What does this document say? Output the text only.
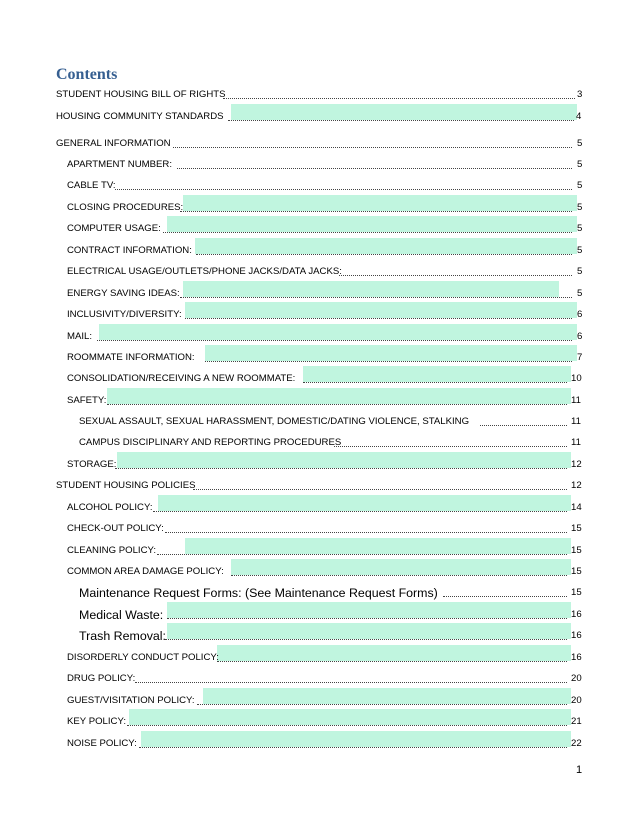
Contents
STUDENT HOUSING BILL OF RIGHTS	3
HOUSING COMMUNITY STANDARDS	4
GENERAL INFORMATION	5
APARTMENT NUMBER:	5
CABLE TV:	5
CLOSING PROCEDURES:	5
COMPUTER USAGE:	5
CONTRACT INFORMATION:	5
ELECTRICAL USAGE/OUTLETS/PHONE JACKS/DATA JACKS:	5
ENERGY SAVING IDEAS:	5
INCLUSIVITY/DIVERSITY:	6
MAIL:	6
ROOMMATE INFORMATION:	7
CONSOLIDATION/RECEIVING A NEW ROOMMATE:	10
SAFETY:	11
SEXUAL ASSAULT, SEXUAL HARASSMENT, DOMESTIC/DATING VIOLENCE, STALKING	11
CAMPUS DISCIPLINARY AND REPORTING PROCEDURES	11
STORAGE:	12
STUDENT HOUSING POLICIES	12
ALCOHOL POLICY:	14
CHECK-OUT POLICY:	15
CLEANING POLICY:	15
COMMON AREA DAMAGE POLICY:	15
Maintenance Request Forms: (See Maintenance Request Forms)	15
Medical Waste:	16
Trash Removal:	16
DISORDERLY CONDUCT POLICY:	16
DRUG POLICY:	20
GUEST/VISITATION POLICY:	20
KEY POLICY:	21
NOISE POLICY:	22
1
